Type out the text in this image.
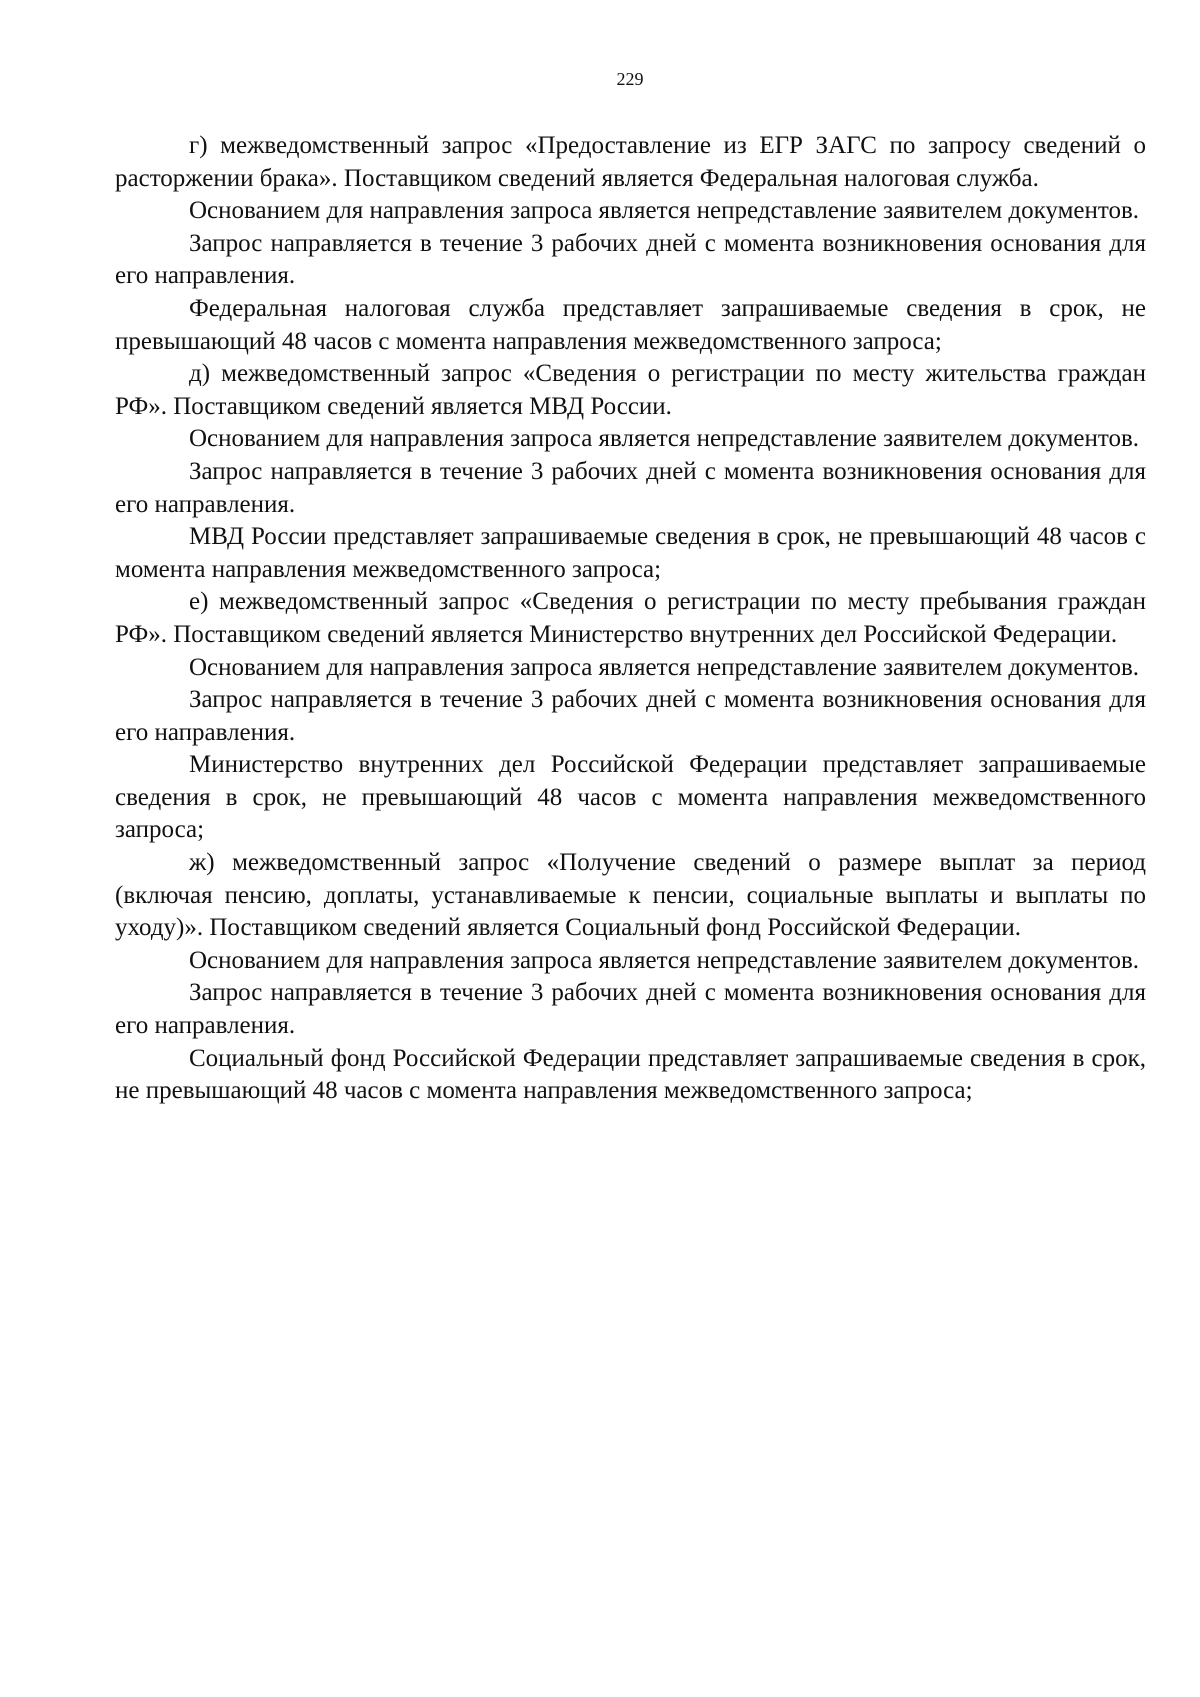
229

г) межведомственный запрос «Предоставление из ЕГР ЗАГС по запросу сведений о расторжении брака». Поставщиком сведений является Федеральная налоговая служба.

Основанием для направления запроса является непредставление заявителем документов.

Запрос направляется в течение 3 рабочих дней с момента возникновения основания для его направления.

Федеральная налоговая служба представляет запрашиваемые сведения в срок, не превышающий 48 часов с момента направления межведомственного запроса;

д) межведомственный запрос «Сведения о регистрации по месту жительства граждан РФ». Поставщиком сведений является МВД России.

Основанием для направления запроса является непредставление заявителем документов.

Запрос направляется в течение 3 рабочих дней с момента возникновения основания для его направления.

МВД России представляет запрашиваемые сведения в срок, не превышающий 48 часов с момента направления межведомственного запроса;

е) межведомственный запрос «Сведения о регистрации по месту пребывания граждан РФ». Поставщиком сведений является Министерство внутренних дел Российской Федерации.

Основанием для направления запроса является непредставление заявителем документов.

Запрос направляется в течение 3 рабочих дней с момента возникновения основания для его направления.

Министерство внутренних дел Российской Федерации представляет запрашиваемые сведения в срок, не превышающий 48 часов с момента направления межведомственного запроса;

ж) межведомственный запрос «Получение сведений о размере выплат за период (включая пенсию, доплаты, устанавливаемые к пенсии, социальные выплаты и выплаты по уходу)». Поставщиком сведений является Социальный фонд Российской Федерации.

Основанием для направления запроса является непредставление заявителем документов.

Запрос направляется в течение 3 рабочих дней с момента возникновения основания для его направления.

Социальный фонд Российской Федерации представляет запрашиваемые сведения в срок, не превышающий 48 часов с момента направления межведомственного запроса;
